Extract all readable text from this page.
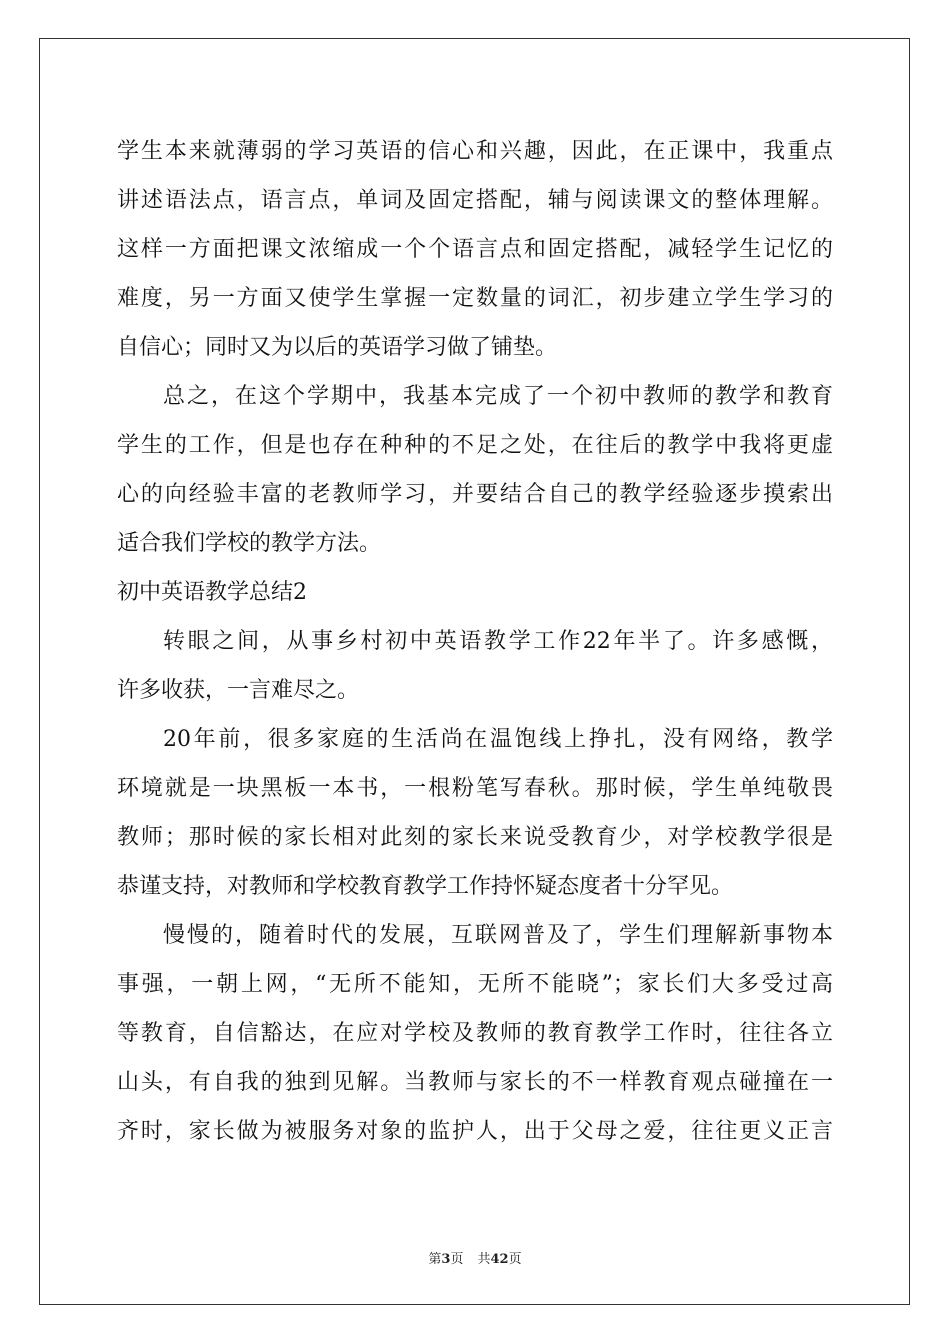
学生本来就薄弱的学习英语的信心和兴趣，因此，在正课中，我重点
讲述语法点，语言点，单词及固定搭配，辅与阅读课文的整体理解。
这样一方面把课文浓缩成一个个语言点和固定搭配，减轻学生记忆的
难度，另一方面又使学生掌握一定数量的词汇，初步建立学生学习的
自信心；同时又为以后的英语学习做了铺垫。
总之，在这个学期中，我基本完成了一个初中教师的教学和教育
学生的工作，但是也存在种种的不足之处，在往后的教学中我将更虚
心的向经验丰富的老教师学习，并要结合自己的教学经验逐步摸索出
适合我们学校的教学方法。
初中英语教学总结2
转眼之间，从事乡村初中英语教学工作22年半了。许多感慨，
许多收获，一言难尽之。
20年前，很多家庭的生活尚在温饱线上挣扎，没有网络，教学
环境就是一块黑板一本书，一根粉笔写春秋。那时候，学生单纯敬畏
教师；那时候的家长相对此刻的家长来说受教育少，对学校教学很是
恭谨支持，对教师和学校教育教学工作持怀疑态度者十分罕见。
慢慢的，随着时代的发展，互联网普及了，学生们理解新事物本
事强，一朝上网，“无所不能知，无所不能晓”；家长们大多受过高
等教育，自信豁达，在应对学校及教师的教育教学工作时，往往各立
山头，有自我的独到见解。当教师与家长的不一样教育观点碰撞在一
齐时，家长做为被服务对象的监护人，出于父母之爱，往往更义正言
第3页 共42页
